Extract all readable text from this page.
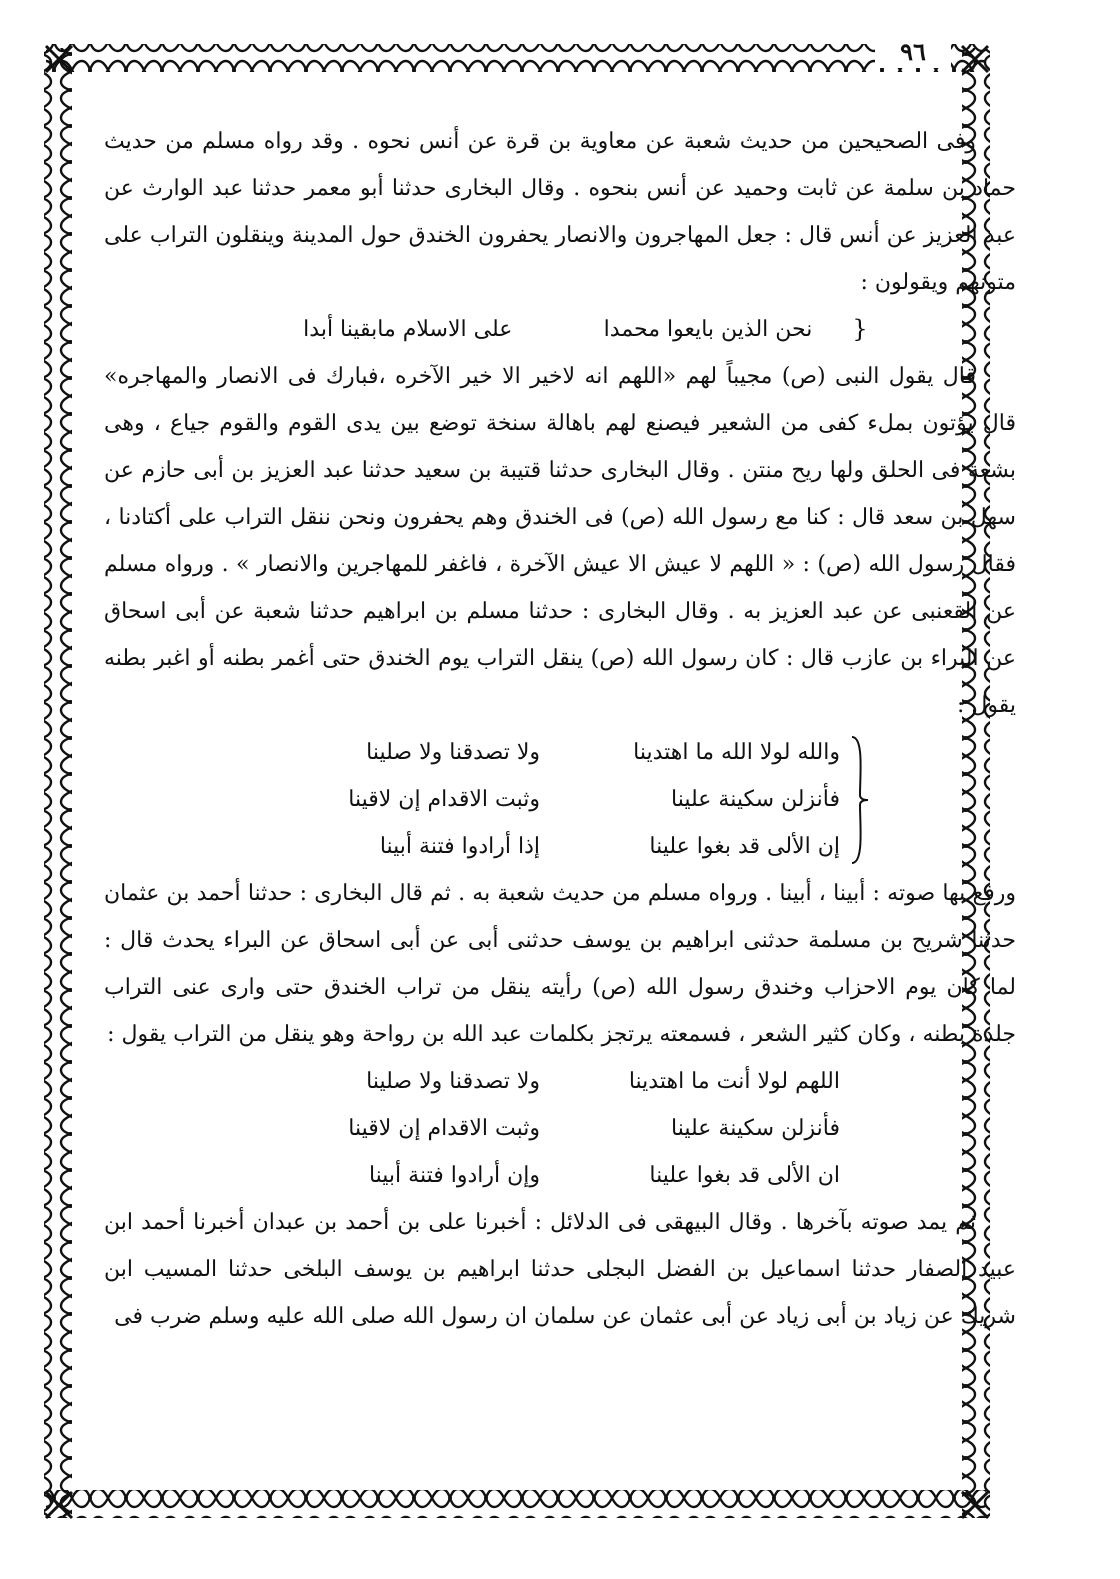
٩٦

وفى الصحيحين من حديث شعبة عن معاوية بن قرة عن أنس نحوه . وقد رواه مسلم من حديث حماد بن سلمة عن ثابت وحميد عن أنس بنحوه . وقال البخارى حدثنا أبو معمر حدثنا عبد الوارث عن عبد العزيز عن أنس قال : جعل المهاجرون والانصار يحفرون الخندق حول المدينة وينقلون التراب على متونهم ويقولون :

{
نحن الذين بايعوا محمدا
على الاسلام مابقينا أبدا

قال يقول النبى (ص) مجيباً لهم «اللهم انه لاخير الا خير الآخره ،فبارك فى الانصار والمهاجره» قال يؤتون بملء كفى من الشعير فيصنع لهم باهالة سنخة توضع بين يدى القوم والقوم جياع ، وهى بشعة فى الحلق ولها ريح منتن . وقال البخارى حدثنا قتيبة بن سعيد حدثنا عبد العزيز بن أبى حازم عن سهل بن سعد قال : كنا مع رسول الله (ص) فى الخندق وهم يحفرون ونحن ننقل التراب على أكتادنا ، فقال رسول الله (ص) : « اللهم لا عيش الا عيش الآخرة ، فاغفر للمهاجرين والانصار » . ورواه مسلم عن القعنبى عن عبد العزيز به . وقال البخارى : حدثنا مسلم بن ابراهيم حدثنا شعبة عن أبى اسحاق عن البراء بن عازب قال : كان رسول الله (ص) ينقل التراب يوم الخندق حتى أغمر بطنه أو اغبر بطنه يقول :

والله لولا الله ما اهتدينا
ولا تصدقنا ولا صلينا
فأنزلن سكينة علينا
وثبت الاقدام إن لاقينا
إن الألى قد بغوا علينا
إذا أرادوا فتنة أبينا

ورفع بها صوته : أبينا ، أبينا . ورواه مسلم من حديث شعبة به . ثم قال البخارى : حدثنا أحمد بن عثمان حدثنا شريح بن مسلمة حدثنى ابراهيم بن يوسف حدثنى أبى عن أبى اسحاق عن البراء يحدث قال : لما كان يوم الاحزاب وخندق رسول الله (ص) رأيته ينقل من تراب الخندق حتى وارى عنى التراب جلدة بطنه ، وكان كثير الشعر ، فسمعته يرتجز بكلمات عبد الله بن رواحة وهو ينقل من التراب يقول :

اللهم لولا أنت ما اهتدينا
ولا تصدقنا ولا صلينا
فأنزلن سكينة علينا
وثبت الاقدام إن لاقينا
ان الألى قد بغوا علينا
وإن أرادوا فتنة أبينا

ثم يمد صوته بآخرها . وقال البيهقى فى الدلائل : أخبرنا على بن أحمد بن عبدان أخبرنا أحمد ابن عبيد الصفار حدثنا اسماعيل بن الفضل البجلى حدثنا ابراهيم بن يوسف البلخى حدثنا المسيب ابن شريك عن زياد بن أبى زياد عن أبى عثمان عن سلمان ان رسول الله صلى الله عليه وسلم ضرب فى
